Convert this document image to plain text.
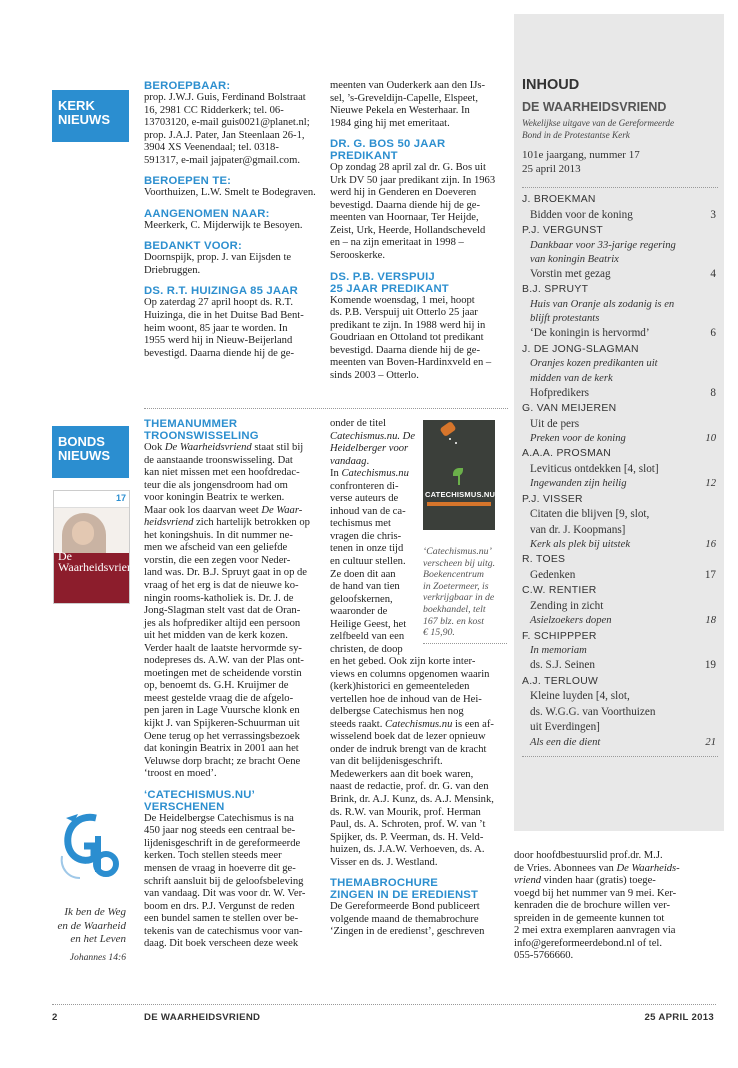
KERK
NIEUWS
BEROEPBAAR:
prop. J.W.J. Guis, Ferdinand Bolstraat
16, 2981 CC Ridderkerk; tel. 06-
13703120, e-mail guis0021@planet.nl;
prop. J.A.J. Pater, Jan Steenlaan 26-1,
3904 XS Veenendaal; tel. 0318-
591317, e-mail jajpater@gmail.com.
BEROEPEN TE:
Voorthuizen, L.W. Smelt te Bodegraven.
AANGENOMEN NAAR:
Meerkerk, C. Mijderwijk te Besoyen.
BEDANKT VOOR:
Doornspijk, prop. J. van Eijsden te
Driebruggen.
DS. R.T. HUIZINGA 85 JAAR
Op zaterdag 27 april hoopt ds. R.T.
Huizinga, die in het Duitse Bad Bent-
heim woont, 85 jaar te worden. In
1955 werd hij in Nieuw-Beijerland
bevestigd. Daarna diende hij de ge-
meenten van Ouderkerk aan den IJs-
sel, ’s-Greveldijn-Capelle, Elspeet,
Nieuwe Pekela en Westerhaar. In
1984 ging hij met emeritaat.
DR. G. BOS 50 JAAR PREDIKANT
Op zondag 28 april zal dr. G. Bos uit
Urk DV 50 jaar predikant zijn. In 1963
werd hij in Genderen en Doeveren
bevestigd. Daarna diende hij de ge-
meenten van Hoornaar, Ter Heijde,
Zeist, Urk, Heerde, Hollandscheveld
en – na zijn emeritaat in 1998 –
Serooskerke.
DS. P.B. VERSPUIJ
25 JAAR PREDIKANT
Komende woensdag, 1 mei, hoopt
ds. P.B. Verspuij uit Otterlo 25 jaar
predikant te zijn. In 1988 werd hij in
Goudriaan en Ottoland tot predikant
bevestigd. Daarna diende hij de ge-
meenten van Boven-Hardinxveld en –
sinds 2003 – Otterlo.
BONDS
NIEUWS
17
De Waarheidsvriend
THEMANUMMER
TROONSWISSELING
Ook De Waarheidsvriend staat stil bij
de aanstaande troonswisseling. Dat
kan niet missen met een hoofdredac-
teur die als jongensdroom had om
voor koningin Beatrix te werken.
Maar ook los daarvan weet De Waar-
heidsvriend zich hartelijk betrokken op
het koningshuis. In dit nummer ne-
men we afscheid van een geliefde
vorstin, die een zegen voor Neder-
land was. Dr. B.J. Spruyt gaat in op de
vraag of het erg is dat de nieuwe ko-
ningin rooms-katholiek is. Dr. J. de
Jong-Slagman stelt vast dat de Oran-
jes als hofprediker altijd een persoon
uit het midden van de kerk kozen.
Verder haalt de laatste hervormde sy-
nodepreses ds. A.W. van der Plas ont-
moetingen met de scheidende vorstin
op, benoemt ds. G.H. Kruijmer de
meest gestelde vraag die de afgelo-
pen jaren in Lage Vuursche klonk en
kijkt J. van Spijkeren-Schuurman uit
Oene terug op het verrassingsbezoek
dat koningin Beatrix in 2001 aan het
Veluwse dorp bracht; ze bracht Oene
‘troost en moed’.
‘CATECHISMUS.NU’ VERSCHENEN
De Heidelbergse Catechismus is na
450 jaar nog steeds een centraal be-
lijdenisgeschrift in de gereformeerde
kerken. Toch stellen steeds meer
mensen de vraag in hoeverre dit ge-
schrift aansluit bij de geloofsbeleving
van vandaag. Dit was voor dr. W. Ver-
boom en drs. P.J. Vergunst de reden
een bundel samen te stellen over be-
tekenis van de catechismus voor van-
daag. Dit boek verscheen deze week
onder de titel
Catechismus.nu. De
Heidelberger voor
vandaag.
In Catechismus.nu
confronteren di-
verse auteurs de
inhoud van de ca-
techismus met
vragen die chris-
tenen in onze tijd
en cultuur stellen.
Ze doen dit aan
de hand van tien
geloofskernen,
waaronder de
Heilige Geest, het
zelfbeeld van een
christen, de doop
CATECHISMUS.NU
‘Catechismus.nu’
verscheen bij uitg.
Boekencentrum
in Zoetermeer, is
verkrijgbaar in de
boekhandel, telt
167 blz. en kost
€ 15,90.
en het gebed. Ook zijn korte inter-
views en columns opgenomen waarin
(kerk)historici en gemeenteleden
vertellen hoe de inhoud van de Hei-
delbergse Catechismus hen nog
steeds raakt. Catechismus.nu is een af-
wisselend boek dat de lezer opnieuw
onder de indruk brengt van de kracht
van dit belijdenisgeschrift.
Medewerkers aan dit boek waren,
naast de redactie, prof. dr. G. van den
Brink, dr. A.J. Kunz, ds. A.J. Mensink,
ds. R.W. van Mourik, prof. Herman
Paul, ds. A. Schroten, prof. W. van ’t
Spijker, ds. P. Veerman, ds. H. Veld-
huizen, ds. J.A.W. Verhoeven, ds. A.
Visser en ds. J. Westland.
THEMABROCHURE
ZINGEN IN DE EREDIENST
De Gereformeerde Bond publiceert
volgende maand de themabrochure
‘Zingen in de eredienst’, geschreven
door hoofdbestuurslid prof.dr. M.J.
de Vries. Abonnees van De Waarheids-
vriend vinden haar (gratis) toege-
voegd bij het nummer van 9 mei. Ker-
kenraden die de brochure willen ver-
spreiden in de gemeente kunnen tot
2 mei extra exemplaren aanvragen via
info@gereformeerdebond.nl of tel.
055-5766660.
Ik ben de Weg
en de Waarheid
en het Leven
Johannes 14:6
INHOUD
DE WAARHEIDSVRIEND
Wekelijkse uitgave van de Gereformeerde
Bond in de Protestantse Kerk
101e jaargang, nummer 17
25 april 2013
J. BROEKMAN
Bidden voor de koning	3
P.J. VERGUNST
Dankbaar voor 33-jarige regering
van koningin Beatrix
Vorstin met gezag	4
B.J. SPRUYT
Huis van Oranje als zodanig is en
blijft protestants
‘De koningin is hervormd’	6
J. DE JONG-SLAGMAN
Oranjes kozen predikanten uit
midden van de kerk
Hofpredikers	8
G. VAN MEIJEREN
Uit de pers
Preken voor de koning	10
A.A.A. PROSMAN
Leviticus ontdekken [4, slot]
Ingewanden zijn heilig	12
P.J. VISSER
Citaten die blijven [9, slot,
van dr. J. Koopmans]
Kerk als plek bij uitstek	16
R. TOES
Gedenken	17
C.W. RENTIER
Zending in zicht
Asielzoekers dopen	18
F. SCHIPPPER
In memoriam
ds. S.J. Seinen	19
A.J. TERLOUW
Kleine luyden [4, slot,
ds. W.G.G. van Voorthuizen
uit Everdingen]
Als een die dient	21
2	DE WAARHEIDSVRIEND	25 APRIL 2013
